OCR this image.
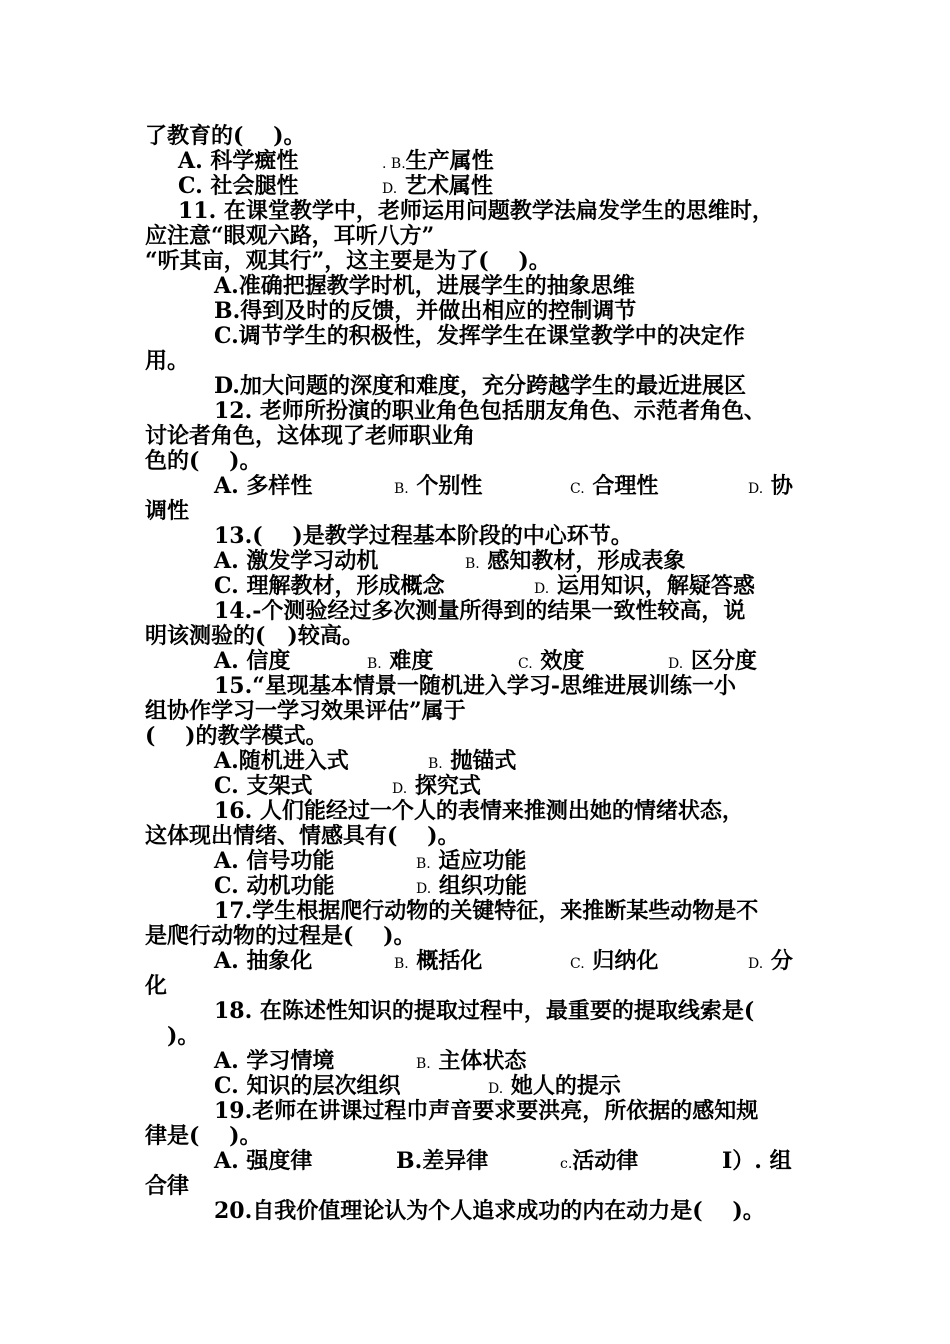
了教育的(　 )。
A. 科学癍性	. B.生产属性
C. 社会腿性	D. 艺术属性
11. 在课堂教学中，老师运用问题教学法扁发学生的思维时，
应注意“眼观六路，耳听八方”
“听其亩，观其行”，这主要是为了(　 )。
A.准确把握教学时机，进展学生的抽象思维
B.得到及时的反馈，并做出相应的控制调节
C.调节学生的积极性，发挥学生在课堂教学中的决定作
用。
D.加大问题的深度和难度，充分跨越学生的最近进展区
12. 老师所扮演的职业角色包括朋友角色、示范者角色、
讨论者角色，这体现了老师职业角
色的(　 )。
A. 多样性	B. 个别性	C. 合理性	D. 协
调性
13.(　 )是教学过程基本阶段的中心环节。
A. 激发学习动机	B. 感知教材，形成表象
C. 理解教材，形成概念	D. 运用知识，解疑答惑
14.-个测验经过多次测量所得到的结果一致性较高，说
明该测验的(　)较高。
A. 信度	B. 难度	C. 效度	D. 区分度
15.“星现基本情景一随机进入学习-思维进展训练一小
组协作学习一学习效果评估”属于
(　 )的教学模式。
A.随机进入式	B. 抛锚式
C. 支架式	D. 探究式
16. 人们能经过一个人的表情来推测出她的情绪状态，
这体现出情绪、情感具有(　 )。
A. 信号功能	B. 适应功能
C. 动机功能	D. 组织功能
17.学生根据爬行动物的关键特征，来推断某些动物是不
是爬行动物的过程是(　 )。
A. 抽象化	B. 概括化	C. 归纳化	D. 分
化
18. 在陈述性知识的提取过程中，最重要的提取线索是(
　)。
A. 学习情境	B. 主体状态
C. 知识的层次组织	D. 她人的提示
19.老师在讲课过程巾声音要求要洪亮，所依据的感知规
律是(　 )。
A. 强度律	B.差异律	c.活动律	I）. 组
合律
20.自我价值理论认为个人追求成功的内在动力是(　 )。
